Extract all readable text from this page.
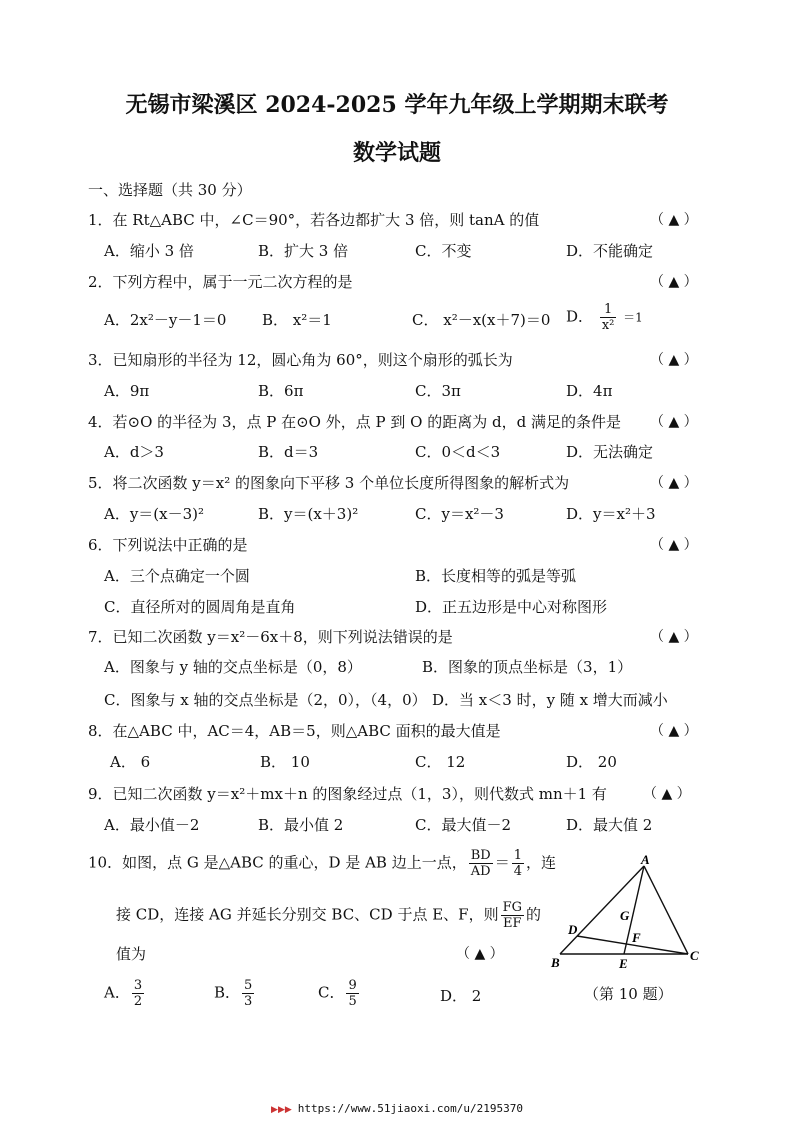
无锡市梁溪区 2024-2025 学年九年级上学期期末联考
数学试题
一、选择题（共 30 分）
1．在 Rt△ABC 中，∠C＝90°，若各边都扩大 3 倍，则 tanA 的值	（ ▲ ）
A．缩小 3 倍	B．扩大 3 倍	C．不变	D．不能确定
2．下列方程中，属于一元二次方程的是	（ ▲ ）
A．2x²－y－1＝0 B． x²＝1	C． x²－x(x＋7)＝0 D． $\frac{1}{\text{x²}} =1$
3．已知扇形的半径为 12，圆心角为 60°，则这个扇形的弧长为	（ ▲ ）
A．9π	B．6π	C．3π	D．4π
4．若⊙O 的半径为 3，点 P 在⊙O 外，点 P 到 O 的距离为 d，d 满足的条件是 （ ▲ ）
A．d＞3	B．d＝3	C．0＜d＜3	D．无法确定
5．将二次函数 y＝x² 的图象向下平移 3 个单位长度所得图象的解析式为	（ ▲ ）
A．y＝(x－3)²	B．y＝(x＋3)²	C．y＝x²－3	D．y＝x²＋3
6．下列说法中正确的是	（ ▲ ）
A．三个点确定一个圆	B．长度相等的弧是等弧
C．直径所对的圆周角是直角	D．正五边形是中心对称图形
7．已知二次函数 y＝x²－6x＋8，则下列说法错误的是	（ ▲ ）
A．图象与 y 轴的交点坐标是（0，8）	B．图象的顶点坐标是（3，1）
C．图象与 x 轴的交点坐标是（2，0），（4，0） D．当 x＜3 时，y 随 x 增大而减小
8．在△ABC 中，AC＝4，AB＝5，则△ABC 面积的最大值是	（ ▲ ）
A． 6	B． 10	C． 12	D． 20
9．已知二次函数 y＝x²＋mx＋n 的图象经过点（1，3），则代数式 mn＋1 有	（ ▲ ）
A．最小值－2	B．最小值 2	C．最大值－2	D．最大值 2
10．如图，点 G 是△ABC 的重心，D 是 AB 边上一点， $\frac{BD}{AD} = \frac{1}{4}$ ，连
接 CD，连接 AG 并延长分别交 BC、CD 于点 E、F，则 $\frac{FG}{EF}$ 的
值为	（ ▲ ）
A． $\frac{3}{2}$	B． $\frac{5}{3}$	C． $\frac{9}{5}$	D． 2
A
B	C
D
E
F
G
（第 10 题）
▶▶▶ https://www.51jiaoxi.com/u/2195370
